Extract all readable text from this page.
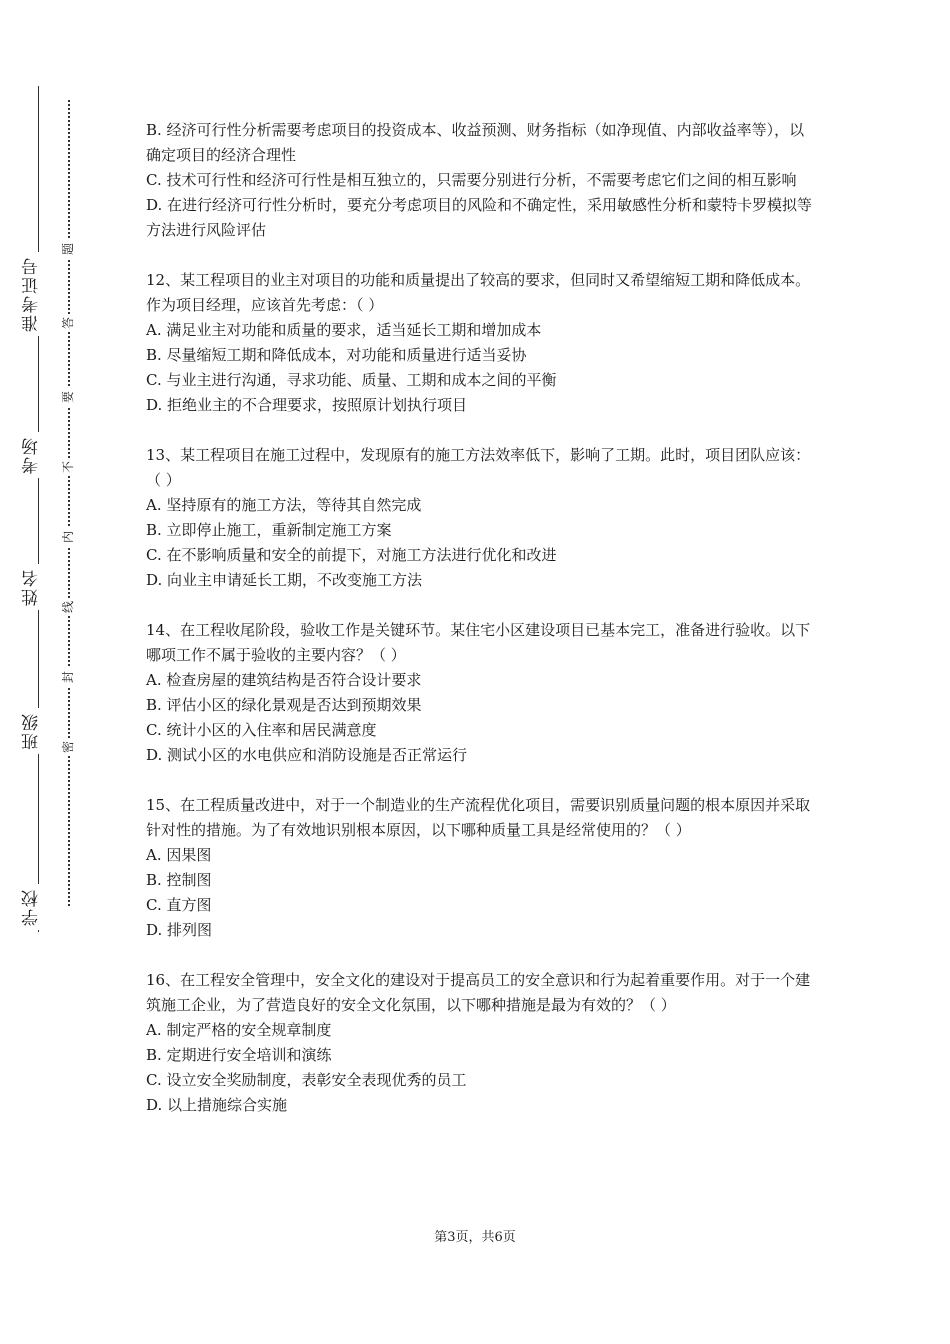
学校
班级
姓名
考场
准考证号
密
封
线
内
不
要
答
题

B. 经济可行性分析需要考虑项目的投资成本、收益预测、财务指标（如净现值、内部收益率等），以确定项目的经济合理性

C. 技术可行性和经济可行性是相互独立的，只需要分别进行分析，不需要考虑它们之间的相互影响

D. 在进行经济可行性分析时，要充分考虑项目的风险和不确定性，采用敏感性分析和蒙特卡罗模拟等方法进行风险评估

12、某工程项目的业主对项目的功能和质量提出了较高的要求，但同时又希望缩短工期和降低成本。作为项目经理，应该首先考虑：（ ）

A. 满足业主对功能和质量的要求，适当延长工期和增加成本

B. 尽量缩短工期和降低成本，对功能和质量进行适当妥协

C. 与业主进行沟通，寻求功能、质量、工期和成本之间的平衡

D. 拒绝业主的不合理要求，按照原计划执行项目

13、某工程项目在施工过程中，发现原有的施工方法效率低下，影响了工期。此时，项目团队应该：（ ）

A. 坚持原有的施工方法，等待其自然完成

B. 立即停止施工，重新制定施工方案

C. 在不影响质量和安全的前提下，对施工方法进行优化和改进

D. 向业主申请延长工期，不改变施工方法

14、在工程收尾阶段，验收工作是关键环节。某住宅小区建设项目已基本完工，准备进行验收。以下哪项工作不属于验收的主要内容？（ ）

A. 检查房屋的建筑结构是否符合设计要求

B. 评估小区的绿化景观是否达到预期效果

C. 统计小区的入住率和居民满意度

D. 测试小区的水电供应和消防设施是否正常运行

15、在工程质量改进中，对于一个制造业的生产流程优化项目，需要识别质量问题的根本原因并采取针对性的措施。为了有效地识别根本原因，以下哪种质量工具是经常使用的？（ ）

A. 因果图

B. 控制图

C. 直方图

D. 排列图

16、在工程安全管理中，安全文化的建设对于提高员工的安全意识和行为起着重要作用。对于一个建筑施工企业，为了营造良好的安全文化氛围，以下哪种措施是最为有效的？（ ）

A. 制定严格的安全规章制度

B. 定期进行安全培训和演练

C. 设立安全奖励制度，表彰安全表现优秀的员工

D. 以上措施综合实施

第3页，共6页
